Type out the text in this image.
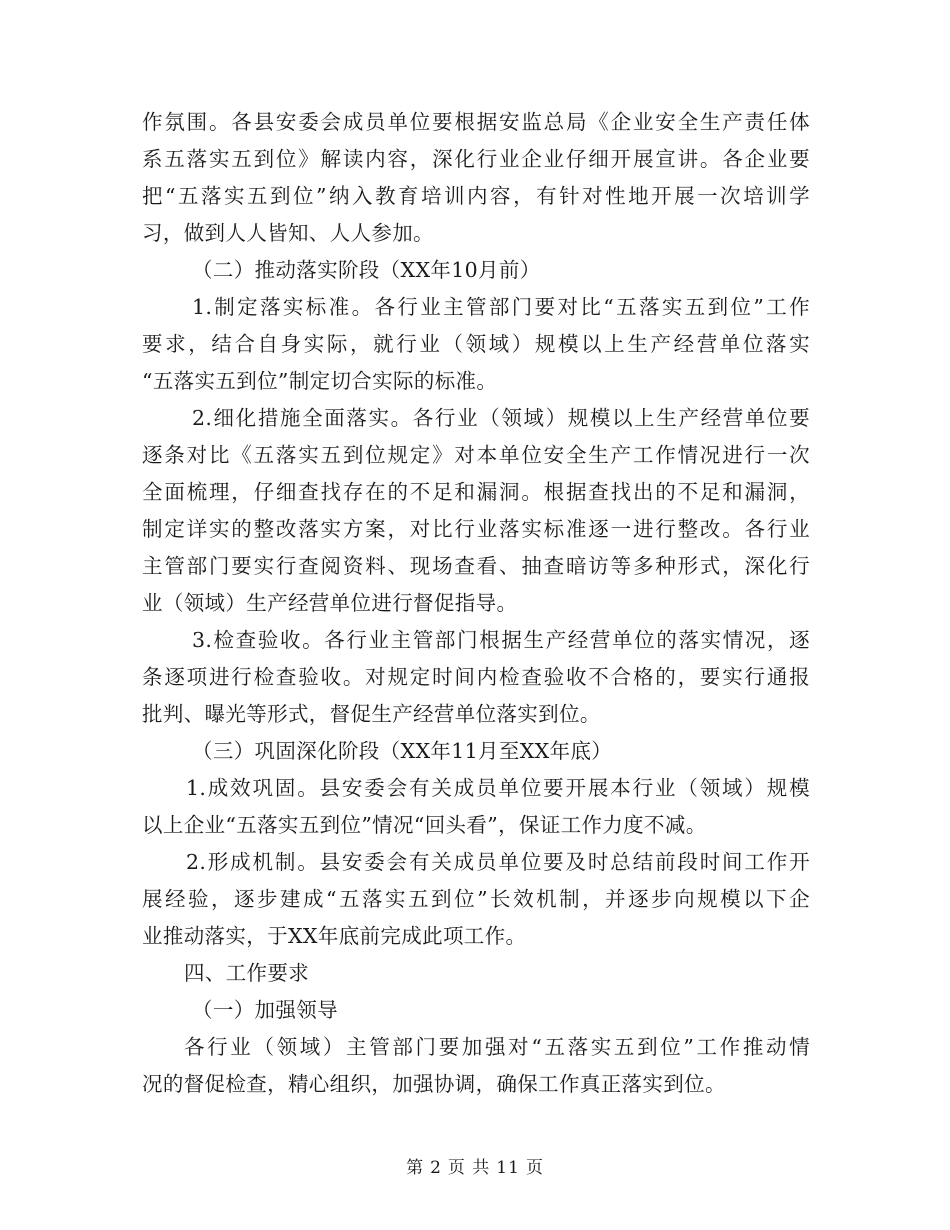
作氛围。各县安委会成员单位要根据安监总局《企业安全生产责任体
系五落实五到位》解读内容，深化行业企业仔细开展宣讲。各企业要
把“五落实五到位”纳入教育培训内容，有针对性地开展一次培训学
习，做到人人皆知、人人参加。
（二）推动落实阶段（XX年10月前）
1.制定落实标准。各行业主管部门要对比“五落实五到位”工作
要求，结合自身实际，就行业（领域）规模以上生产经营单位落实
“五落实五到位”制定切合实际的标准。
2.细化措施全面落实。各行业（领域）规模以上生产经营单位要
逐条对比《五落实五到位规定》对本单位安全生产工作情况进行一次
全面梳理，仔细查找存在的不足和漏洞。根据查找出的不足和漏洞，
制定详实的整改落实方案，对比行业落实标准逐一进行整改。各行业
主管部门要实行查阅资料、现场查看、抽查暗访等多种形式，深化行
业（领域）生产经营单位进行督促指导。
3.检查验收。各行业主管部门根据生产经营单位的落实情况，逐
条逐项进行检查验收。对规定时间内检查验收不合格的，要实行通报
批判、曝光等形式，督促生产经营单位落实到位。
（三）巩固深化阶段（XX年11月至XX年底）
1.成效巩固。县安委会有关成员单位要开展本行业（领域）规模
以上企业“五落实五到位”情况“回头看”，保证工作力度不减。
2.形成机制。县安委会有关成员单位要及时总结前段时间工作开
展经验，逐步建成“五落实五到位”长效机制，并逐步向规模以下企
业推动落实，于XX年底前完成此项工作。
四、工作要求
（一）加强领导
各行业（领域）主管部门要加强对“五落实五到位”工作推动情
况的督促检查，精心组织，加强协调，确保工作真正落实到位。
第 2 页 共 11 页
